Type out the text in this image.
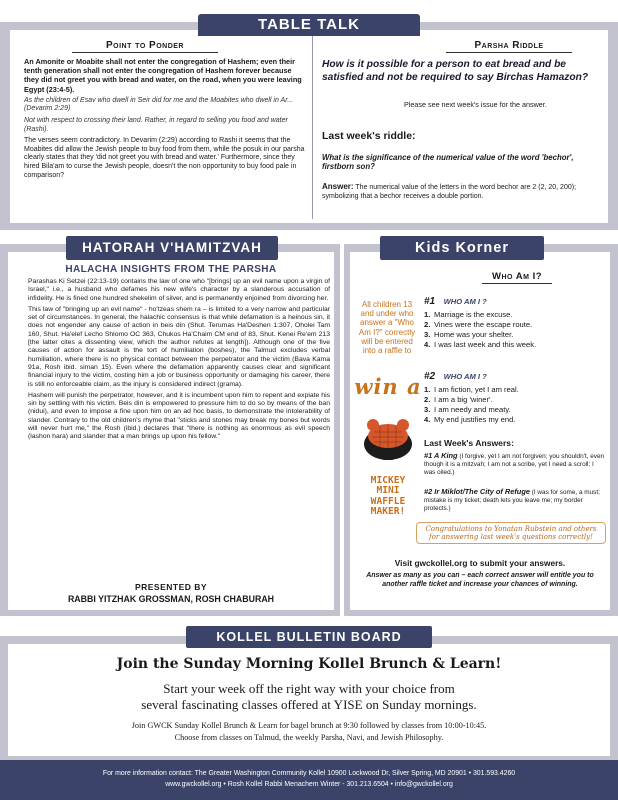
TABLE TALK
Point to Ponder

An Amonite or Moabite shall not enter the congregation of Hashem; even their tenth generation shall not enter the congregation of Hashem forever because they did not greet you with bread and water, on the road, when you were leaving Egypt (23:4-5).

As the children of Esav who dwell in Seir did for me and the Moabites who dwell in Ar... (Devarim 2:29)

Not with respect to crossing their land. Rather, in regard to selling you food and water (Rashi).

The verses seem contradictory. In Devarim (2:29) according to Rashi it seems that the Moabites did allow the Jewish people to buy food from them, while the posuk in our parsha clearly states that they 'did not greet you with bread and water.' Furthermore, since they hired Bila'am to curse the Jewish people, doesn't the non opportunity to buy food pale in comparison?

Parsha Riddle
How is it possible for a person to eat bread and be satisfied and not be required to say Birchas Hamazon?
Please see next week's issue for the answer.
Last week's riddle:
What is the significance of the numerical value of the word 'bechor', firstborn son?
Answer: The numerical value of the letters in the word bechor are 2 (2, 20, 200); symbolizing that a bechor receives a double portion.
HATORAH V'HAMITZVAH
HALACHA INSIGHTS FROM THE PARSHA

Parashas Ki Setzei (22:13-19) contains the law of one who "[brings] up an evil name upon a virgin of Israel," i.e., a husband who defames his new wife's character by a slanderous accusation of infidelity. He is fined one hundred shekelim of silver, and is permanently enjoined from divorcing her.

This law of "bringing up an evil name" - ho'tzeas shem ra – is limited to a very narrow and particular set of circumstances. In general, the halachic consensus is that while defamation is a heinous sin, it does not engender any cause of action in beis din (Shut. Terumas Ha'Deshen 1:307, Oholei Tam 160, Shut. Ha'elef Lecho Shlomo OC 363, Chukos Ha'Chaim CM end of 83, Shut. Kenei Re'em 213 [the latter cites a dissenting view, which the author refutes at length]). Although one of the five causes of action for assault is the tort of humiliation (boshes), the Talmud excludes verbal humiliation, where there is no physical contact between the perpetrator and the victim (Bava Kama 91a, Rosh ibid. siman 15). Even where the defamation apparently causes clear and significant financial injury to the victim, costing him a job or business opportunity or damaging his career, there is still no enforceable claim, as the injury is considered indirect (grama).

Hashem will punish the perpetrator, however, and it is incumbent upon him to repent and expiate his sin by settling with his victim. Beis din is empowered to pressure him to do so by means of the ban (nidui), and even to impose a fine upon him on an ad hoc basis, to demonstrate the intolerability of slander. Contrary to the old children's rhyme that "sticks and stones may break my bones but words will never hurt me," the Rosh (ibid.) declares that "there is nothing as enormous as evil speech (lashon hara) and slander that a man brings up upon his fellow."

PRESENTED BY
RABBI YITZHAK GROSSMAN, ROSH CHABURAH
Kids Korner
Who Am I?
All children 13 and under who answer a "Who Am I?" correctly will be entered into a raffle to
win a
MICKEY
MINI
WAFFLE
MAKER!
#1 WHO AM I ?
1. Marriage is the excuse.
2. Vines were the escape route.
3. Home was your shelter.
4. I was last week and this week.
#2 WHO AM I ?
1. I am fiction, yet I am real.
2. I am a big 'winer'.
3. I am needy and meaty.
4. My end justifies my end.
Last Week's Answers:
#1 A King (I forgive, yet I am not forgiven; you shouldn't, even though it is a mitzvah; I am not a scribe, yet I need a scroll; I was oiled.)
#2 Ir Miklot/The City of Refuge (I was for some, a must; mistake is my ticket; death lets you leave me; my border protects.)
Congratulations to Yonatan Rubstein and others for answering last week's questions correctly!
Visit gwckollel.org to submit your answers.
Answer as many as you can – each correct answer will entitle you to another raffle ticket and increase your chances of winning.
KOLLEL BULLETIN BOARD
Join the Sunday Morning Kollel Brunch & Learn!
Start your week off the right way with your choice from
several fascinating classes offered at YISE on Sunday mornings.
Join GWCK Sunday Kollel Brunch & Learn for bagel brunch at 9:30 followed by classes from 10:00-10:45.
Choose from classes on Talmud, the weekly Parsha, Navi, and Jewish Philosophy.
For more information contact: The Greater Washington Community Kollel 10900 Lockwood Dr, Silver Spring, MD 20901 • 301.593.4260
www.gwckollel.org • Rosh Kollel Rabbi Menachem Winter - 301.213.6504 • info@gwckollel.org
